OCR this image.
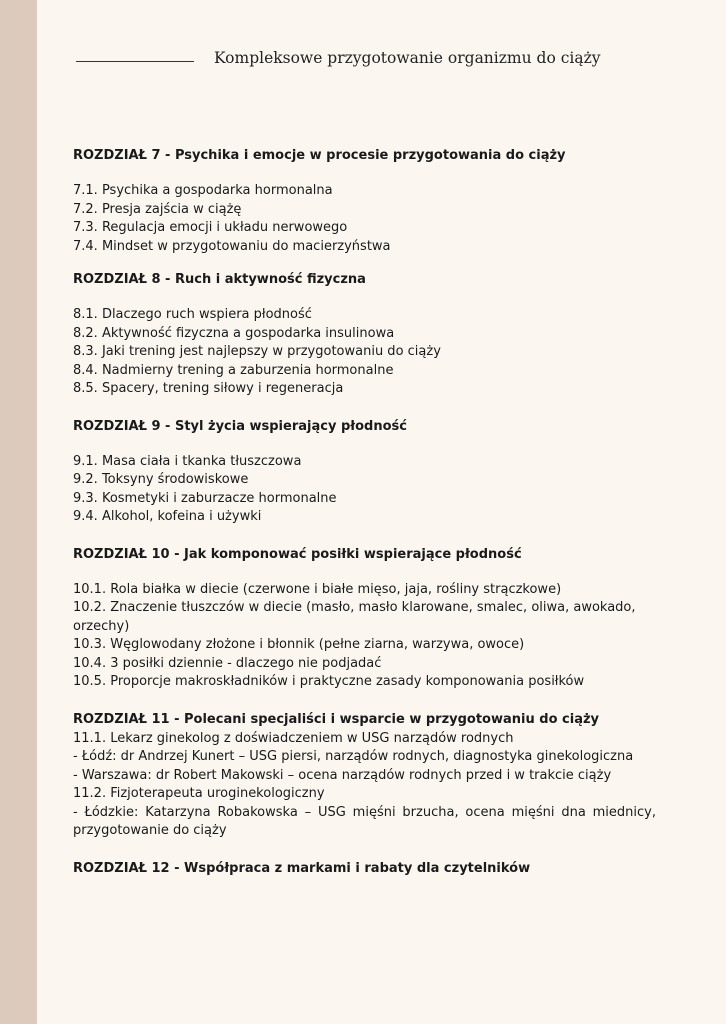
Kompleksowe przygotowanie organizmu do ciąży
ROZDZIAŁ 7 - Psychika i emocje w procesie przygotowania do ciąży

7.1. Psychika a gospodarka hormonalna

7.2. Presja zajścia w ciążę

7.3. Regulacja emocji i układu nerwowego

7.4. Mindset w przygotowaniu do macierzyństwa

ROZDZIAŁ 8 - Ruch i aktywność fizyczna

8.1. Dlaczego ruch wspiera płodność

8.2. Aktywność fizyczna a gospodarka insulinowa

8.3. Jaki trening jest najlepszy w przygotowaniu do ciąży

8.4. Nadmierny trening a zaburzenia hormonalne

8.5. Spacery, trening siłowy i regeneracja

ROZDZIAŁ 9 - Styl życia wspierający płodność

9.1. Masa ciała i tkanka tłuszczowa

9.2. Toksyny środowiskowe

9.3. Kosmetyki i zaburzacze hormonalne

9.4. Alkohol, kofeina i używki

ROZDZIAŁ 10 - Jak komponować posiłki wspierające płodność

10.1. Rola białka w diecie (czerwone i białe mięso, jaja, rośliny strączkowe)

10.2. Znaczenie tłuszczów w diecie (masło, masło klarowane, smalec, oliwa, awokado, orzechy)

10.3. Węglowodany złożone i błonnik (pełne ziarna, warzywa, owoce)

10.4. 3 posiłki dziennie - dlaczego nie podjadać

10.5. Proporcje makroskładników i praktyczne zasady komponowania posiłków

ROZDZIAŁ 11 - Polecani specjaliści i wsparcie w przygotowaniu do ciąży

11.1. Lekarz ginekolog z doświadczeniem w USG narządów rodnych

- Łódź: dr Andrzej Kunert – USG piersi, narządów rodnych, diagnostyka ginekologiczna

- Warszawa: dr Robert Makowski – ocena narządów rodnych przed i w trakcie ciąży

11.2. Fizjoterapeuta uroginekologiczny

- Łódzkie: Katarzyna Robakowska – USG mięśni brzucha, ocena mięśni dna miednicy, przygotowanie do ciąży

ROZDZIAŁ 12 - Współpraca z markami i rabaty dla czytelników
